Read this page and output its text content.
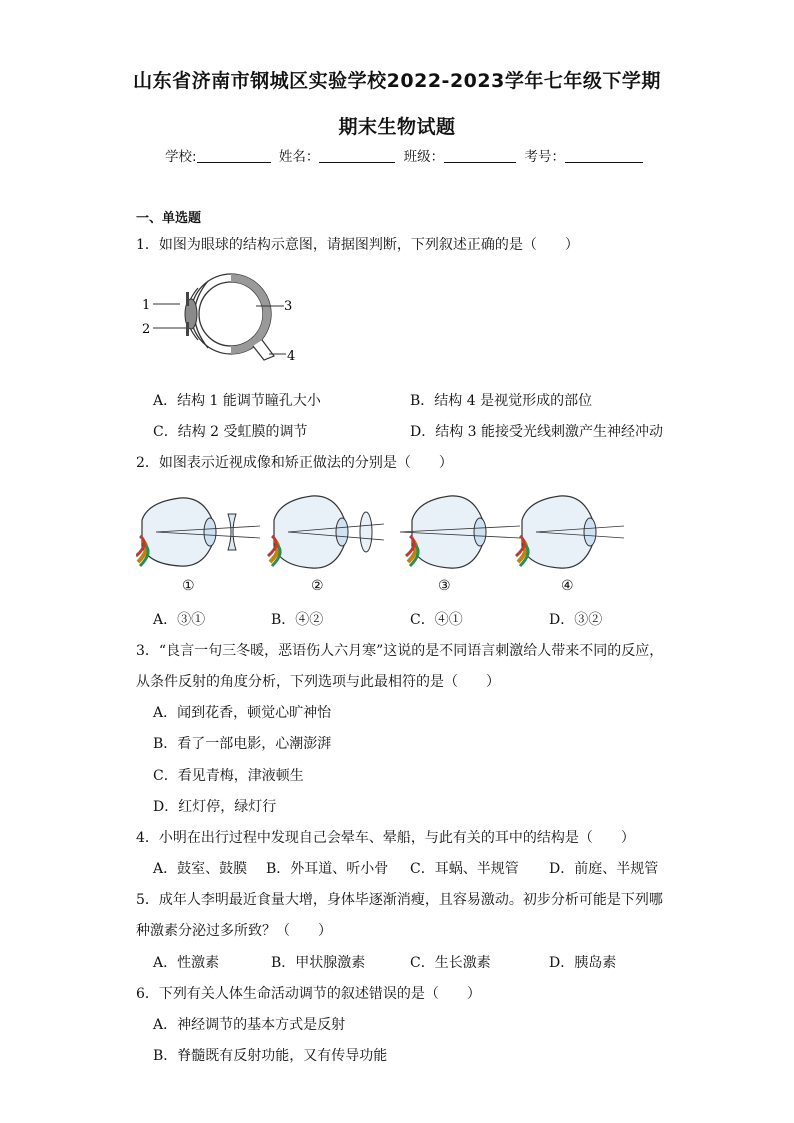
山东省济南市钢城区实验学校2022-2023学年七年级下学期
期末生物试题
学校:	姓名：	班级：	考号：
一、单选题
1．如图为眼球的结构示意图，请据图判断，下列叙述正确的是（　　）
1
2
3
4
A．结构 1 能调节瞳孔大小	B．结构 4 是视觉形成的部位
C．结构 2 受虹膜的调节	D．结构 3 能接受光线刺激产生神经冲动
2．如图表示近视成像和矫正做法的分别是（　　）
①	②	③	④
A．③①	B．④②	C．④①	D．③②
3．“良言一句三冬暖，恶语伤人六月寒”这说的是不同语言刺激给人带来不同的反应，
从条件反射的角度分析，下列选项与此最相符的是（　　）
A．闻到花香，顿觉心旷神怡
B．看了一部电影，心潮澎湃
C．看见青梅，津液顿生
D．红灯停，绿灯行
4．小明在出行过程中发现自己会晕车、晕船，与此有关的耳中的结构是（　　）
A．鼓室、鼓膜 B．外耳道、听小骨 C．耳蜗、半规管 D．前庭、半规管
5．成年人李明最近食量大增，身体毕逐渐消瘦，且容易激动。初步分析可能是下列哪
种激素分泌过多所致？（　　）
A．性激素	B．甲状腺激素	C．生长激素	D．胰岛素
6．下列有关人体生命活动调节的叙述错误的是（　　）
A．神经调节的基本方式是反射
B．脊髓既有反射功能，又有传导功能
